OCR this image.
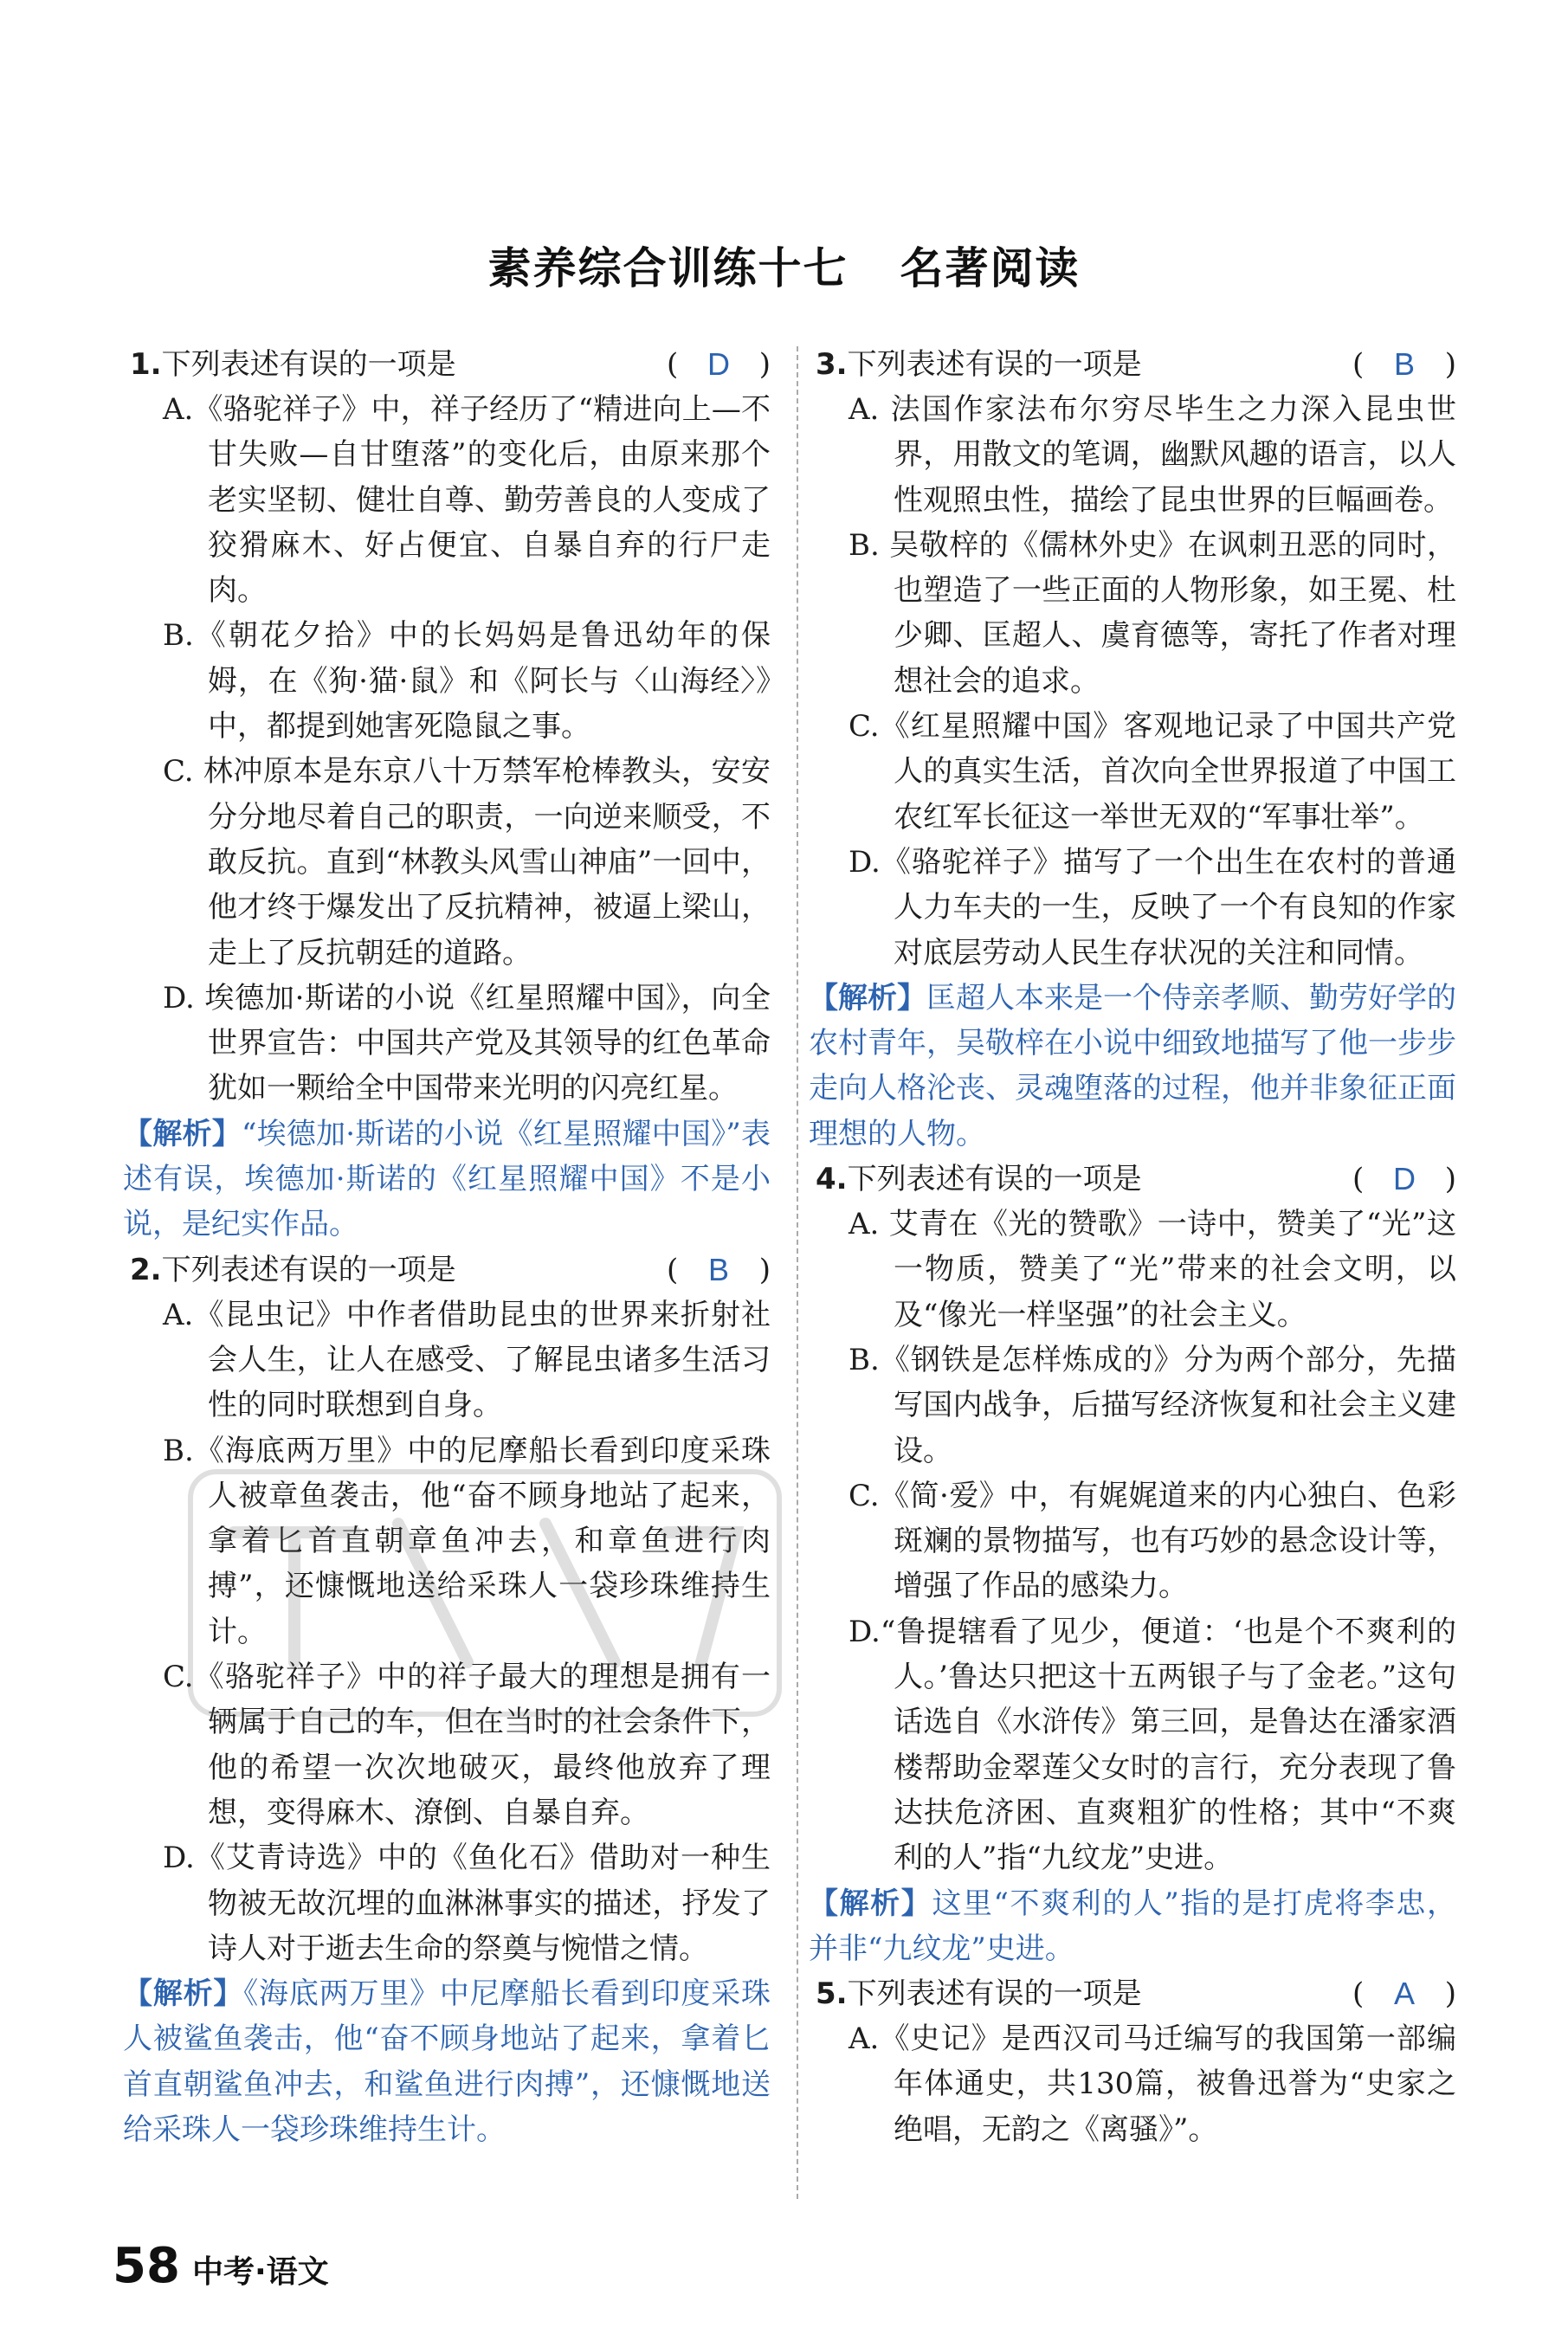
素养综合训练十七 名著阅读
1.下列表述有误的一项是	( D )
A.《骆驼祥子》中，祥子经历了“精进向上—不甘失败—自甘堕落”的变化后，由原来那个老实坚韧、健壮自尊、勤劳善良的人变成了狡猾麻木、好占便宜、自暴自弃的行尸走肉。
B.《朝花夕拾》中的长妈妈是鲁迅幼年的保姆，在《狗·猫·鼠》和《阿长与〈山海经〉》中，都提到她害死隐鼠之事。
C. 林冲原本是东京八十万禁军枪棒教头，安安分分地尽着自己的职责，一向逆来顺受，不敢反抗。直到“林教头风雪山神庙”一回中，他才终于爆发出了反抗精神，被逼上梁山，走上了反抗朝廷的道路。
D. 埃德加·斯诺的小说《红星照耀中国》，向全世界宣告：中国共产党及其领导的红色革命犹如一颗给全中国带来光明的闪亮红星。
【解析】“埃德加·斯诺的小说《红星照耀中国》”表述有误，埃德加·斯诺的《红星照耀中国》不是小说，是纪实作品。
2.下列表述有误的一项是	( B )
A.《昆虫记》中作者借助昆虫的世界来折射社会人生，让人在感受、了解昆虫诸多生活习性的同时联想到自身。
B.《海底两万里》中的尼摩船长看到印度采珠人被章鱼袭击，他“奋不顾身地站了起来，拿着匕首直朝章鱼冲去，和章鱼进行肉搏”，还慷慨地送给采珠人一袋珍珠维持生计。
C.《骆驼祥子》中的祥子最大的理想是拥有一辆属于自己的车，但在当时的社会条件下，他的希望一次次地破灭，最终他放弃了理想，变得麻木、潦倒、自暴自弃。
D.《艾青诗选》中的《鱼化石》借助对一种生物被无故沉埋的血淋淋事实的描述，抒发了诗人对于逝去生命的祭奠与惋惜之情。
【解析】《海底两万里》中尼摩船长看到印度采珠人被鲨鱼袭击，他“奋不顾身地站了起来，拿着匕首直朝鲨鱼冲去，和鲨鱼进行肉搏”，还慷慨地送给采珠人一袋珍珠维持生计。
3.下列表述有误的一项是	( B )
A. 法国作家法布尔穷尽毕生之力深入昆虫世界，用散文的笔调，幽默风趣的语言，以人性观照虫性，描绘了昆虫世界的巨幅画卷。
B. 吴敬梓的《儒林外史》在讽刺丑恶的同时，也塑造了一些正面的人物形象，如王冕、杜少卿、匡超人、虞育德等，寄托了作者对理想社会的追求。
C.《红星照耀中国》客观地记录了中国共产党人的真实生活，首次向全世界报道了中国工农红军长征这一举世无双的“军事壮举”。
D.《骆驼祥子》描写了一个出生在农村的普通人力车夫的一生，反映了一个有良知的作家对底层劳动人民生存状况的关注和同情。
【解析】匡超人本来是一个侍亲孝顺、勤劳好学的农村青年，吴敬梓在小说中细致地描写了他一步步走向人格沦丧、灵魂堕落的过程，他并非象征正面理想的人物。
4.下列表述有误的一项是	( D )
A. 艾青在《光的赞歌》一诗中，赞美了“光”这一物质，赞美了“光”带来的社会文明，以及“像光一样坚强”的社会主义。
B.《钢铁是怎样炼成的》分为两个部分，先描写国内战争，后描写经济恢复和社会主义建设。
C.《简·爱》中，有娓娓道来的内心独白、色彩斑斓的景物描写，也有巧妙的悬念设计等，增强了作品的感染力。
D.“鲁提辖看了见少，便道：‘也是个不爽利的人。’鲁达只把这十五两银子与了金老。”这句话选自《水浒传》第三回，是鲁达在潘家酒楼帮助金翠莲父女时的言行，充分表现了鲁达扶危济困、直爽粗犷的性格；其中“不爽利的人”指“九纹龙”史进。
【解析】这里“不爽利的人”指的是打虎将李忠，并非“九纹龙”史进。
5.下列表述有误的一项是	( A )
A.《史记》是西汉司马迁编写的我国第一部编年体通史，共130篇，被鲁迅誉为“史家之绝唱，无韵之《离骚》”。
58 中考·语文
